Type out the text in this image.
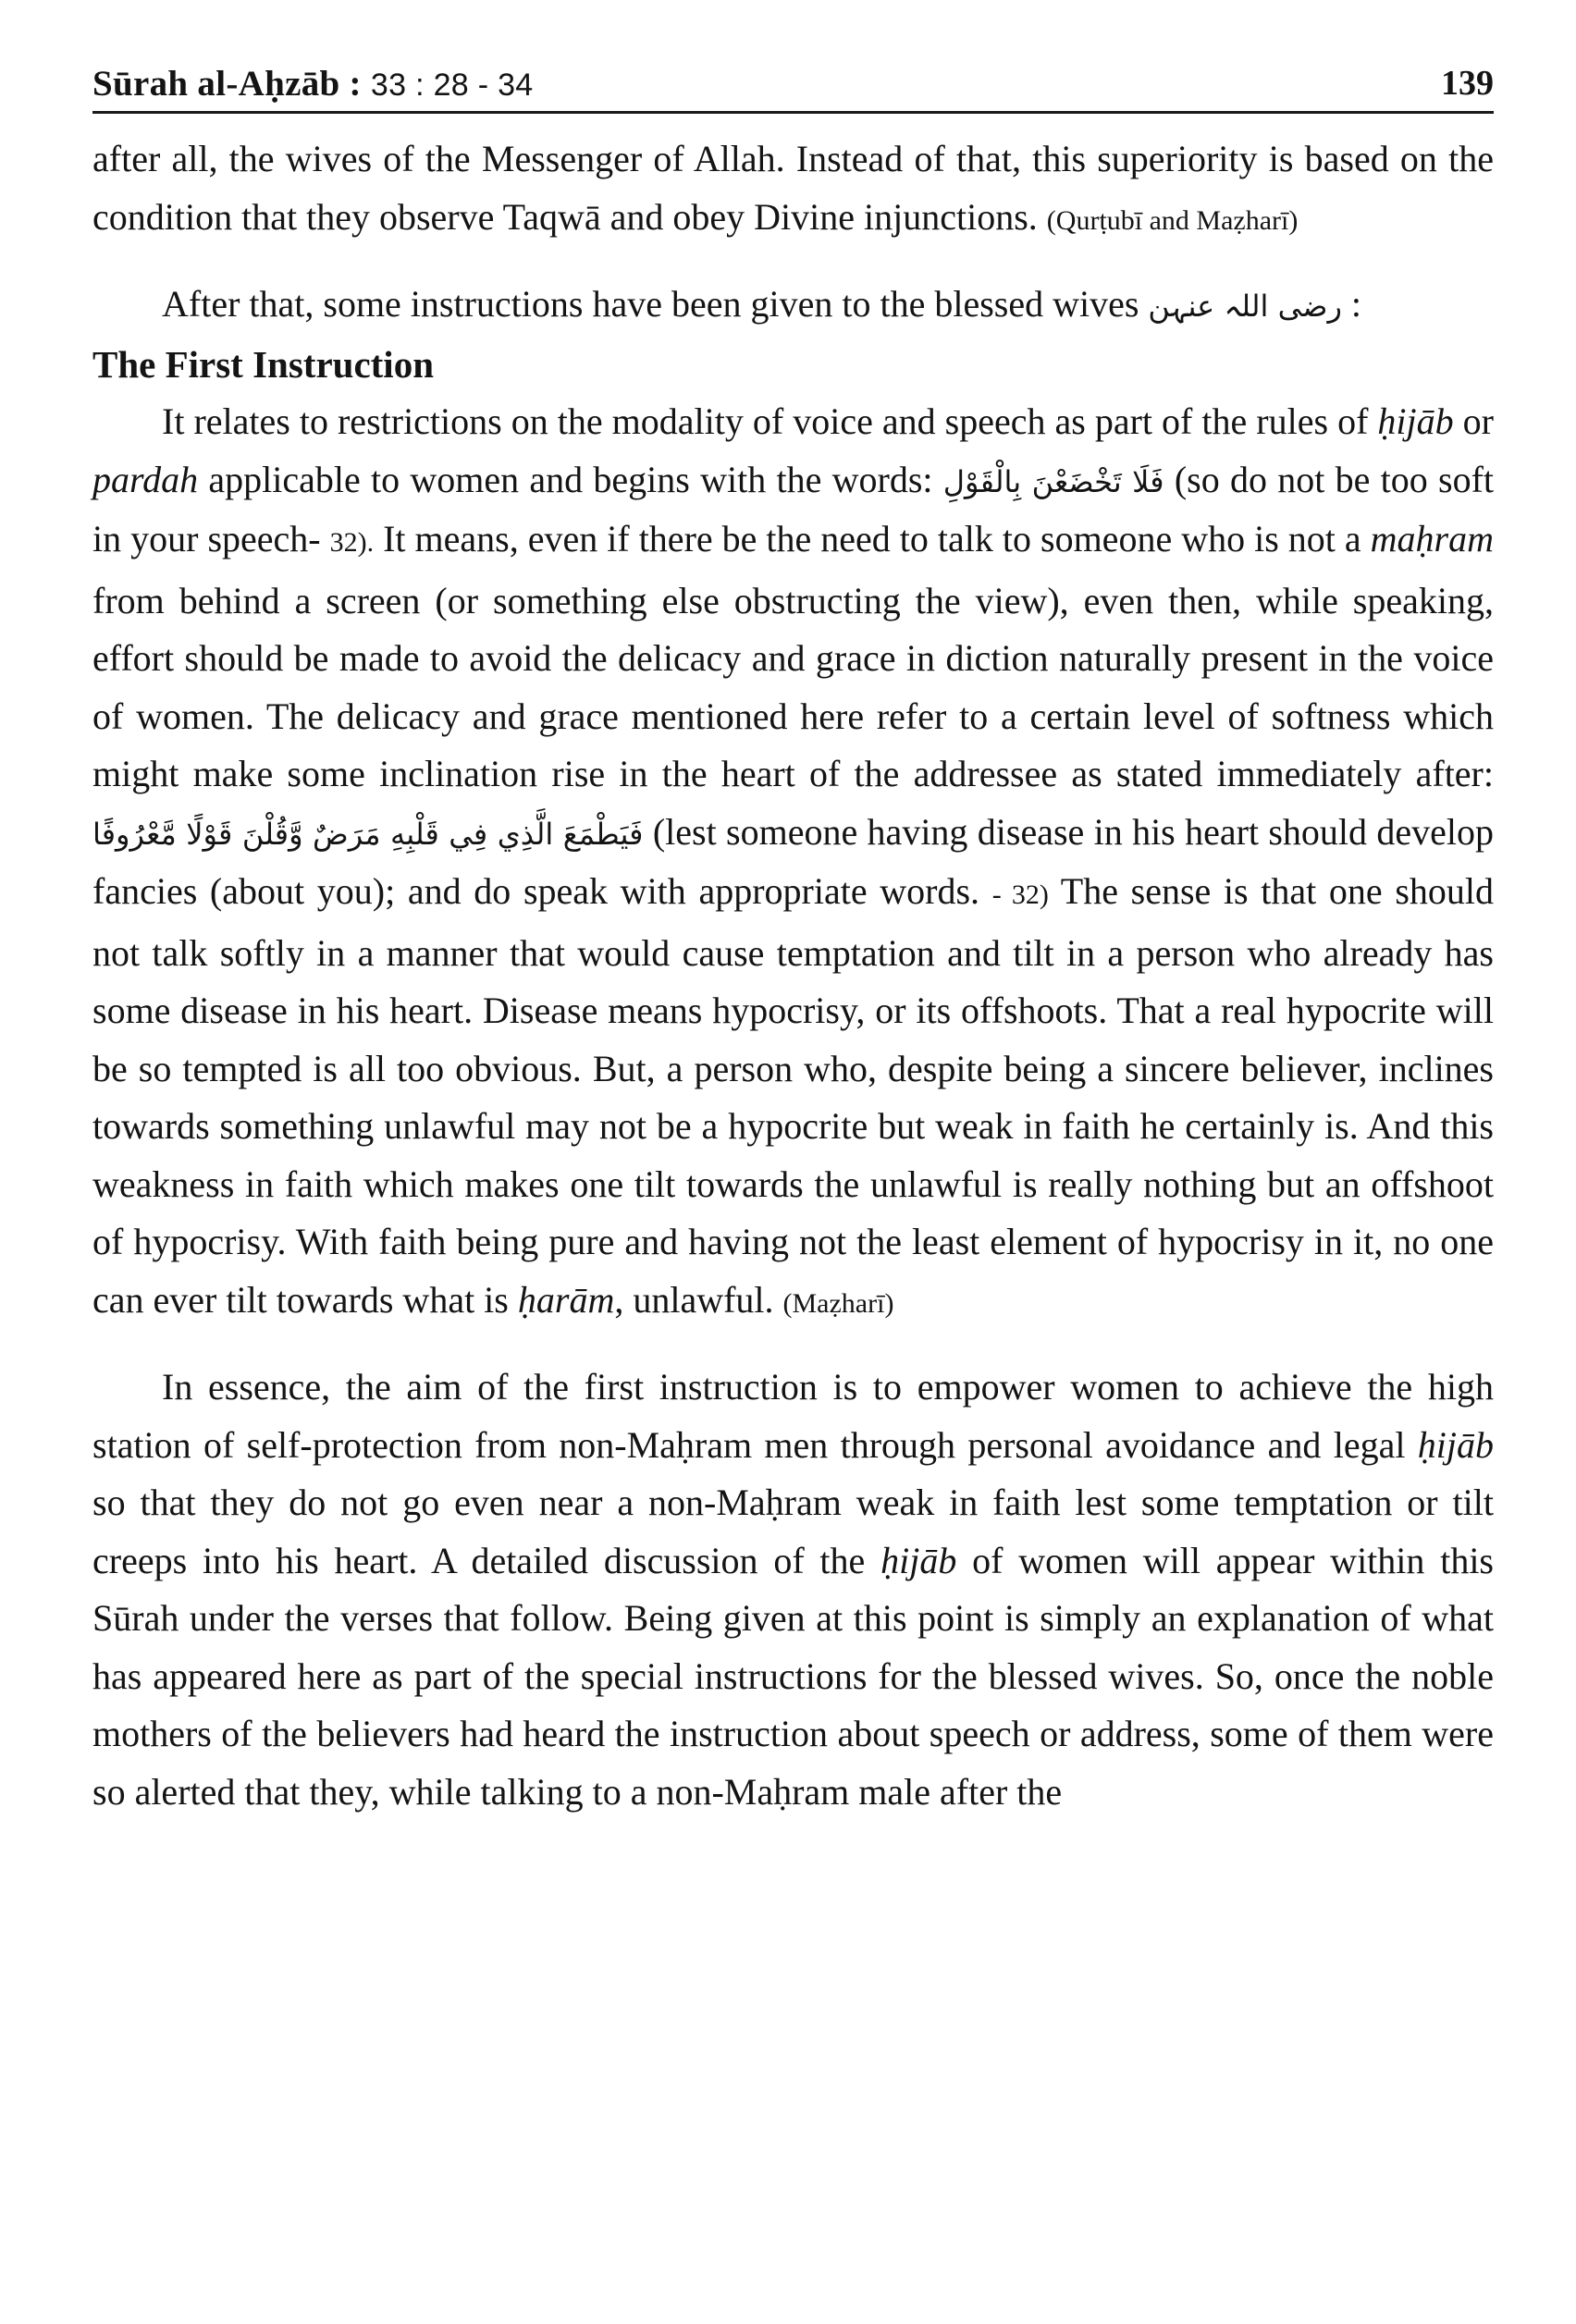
Sūrah al-Aḥzāb : 33 : 28 - 34	139

after all, the wives of the Messenger of Allah. Instead of that, this superiority is based on the condition that they observe Taqwā and obey Divine injunctions. (Qurṭubī and Maẓharī)

After that, some instructions have been given to the blessed wives رضی اللہ عنہن :

The First Instruction

It relates to restrictions on the modality of voice and speech as part of the rules of ḥijāb or pardah applicable to women and begins with the words: فَلَا تَخْضَعْنَ بِالْقَوْلِ (so do not be too soft in your speech- 32). It means, even if there be the need to talk to someone who is not a maḥram from behind a screen (or something else obstructing the view), even then, while speaking, effort should be made to avoid the delicacy and grace in diction naturally present in the voice of women. The delicacy and grace mentioned here refer to a certain level of softness which might make some inclination rise in the heart of the addressee as stated immediately after: فَيَطْمَعَ الَّذِي فِي قَلْبِهِ مَرَضٌ وَّقُلْنَ قَوْلًا مَّعْرُوفًا (lest someone having disease in his heart should develop fancies (about you); and do speak with appropriate words. - 32) The sense is that one should not talk softly in a manner that would cause temptation and tilt in a person who already has some disease in his heart. Disease means hypocrisy, or its offshoots. That a real hypocrite will be so tempted is all too obvious. But, a person who, despite being a sincere believer, inclines towards something unlawful may not be a hypocrite but weak in faith he certainly is. And this weakness in faith which makes one tilt towards the unlawful is really nothing but an offshoot of hypocrisy. With faith being pure and having not the least element of hypocrisy in it, no one can ever tilt towards what is ḥarām, unlawful. (Maẓharī)

In essence, the aim of the first instruction is to empower women to achieve the high station of self-protection from non-Maḥram men through personal avoidance and legal ḥijāb so that they do not go even near a non-Maḥram weak in faith lest some temptation or tilt creeps into his heart. A detailed discussion of the ḥijāb of women will appear within this Sūrah under the verses that follow. Being given at this point is simply an explanation of what has appeared here as part of the special instructions for the blessed wives. So, once the noble mothers of the believers had heard the instruction about speech or address, some of them were so alerted that they, while talking to a non-Maḥram male after the
